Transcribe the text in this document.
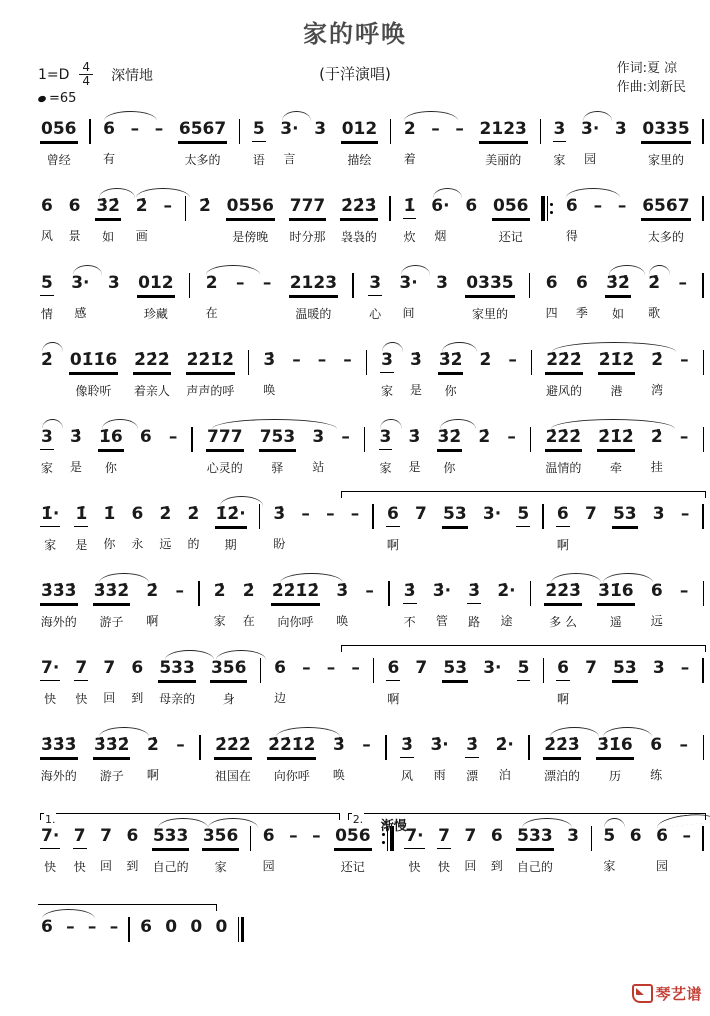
家的呼唤
$1=D \frac{4}{4}$ 深情地	(于洋演唱)	作词:夏 凉
作曲:刘新民
=65
056
曾经
6
有
–
–
6567
太多的
5
语
3·
言
3
012
描绘
2
着
–
–
2123
美丽的
3
家
3·
园
3
0335
家里的
6
风
6
景
3̇2̇
如
2̇
画
–
2̇
0556
是傍晚
777
时分那
2̇2̇3̇
袅袅的
1̇
炊
6·
烟
6
056
还记
6
得
–
–
6567
太多的
5
情
3·
感
3
012
珍藏
2
在
–
–
2123
温暖的
3
心
3·
间
3
0335
家里的
6
四
6
季
3̇2̇
如
2̇
歌
–

2̇
01̇1̇6
像聆听
2̇2̇2̇
着亲人
2̇2̇1̇2̇
声声的呼
3̇
唤
–
–
–
3
家
3̇
是
3̇2̇
你
2̇
–
2̇2̇2̇
避风的
2̇1̇2̇
港
2̇
湾
–

3
家
3̇
是
1̇6
你
6
–
777
心灵的
753
驿
3
站
–
3
家
3̇
是
3̇2̇
你
2̇
–
2̇2̇2̇
温情的
2̇1̇2̇
牵
2̇
挂
–

1̇·
家
1̇
是
1̇
你
6
永
2̇
远
2̇
的
1̇2̇·
期
3̇
盼
–
–
–
6
啊
7
53
3·
5
6
啊
7
53
3
–

3̇3̇3̇
海外的
3̇3̇2̇
游子
2̇
啊
–
2̇
家
2̇
在
2̇2̇1̇2̇
向你呼
3̇
唤
–
3̇
不
3̇·
管
3̇
路
2̇·
途
2̇2̇3̇
多 么
3̇1̇6
遥
6
远
–

7·
快
7
快
7
回
6
到
533
母亲的
356
身
6
边
–
–
–
6
啊
7
53
3·
5
6
啊
7
53
3
–

3̇3̇3̇
海外的
3̇3̇2̇
游子
2̇
啊
–
2̇2̇2̇
祖国在
2̇2̇1̇2̇
向你呼
3̇
唤
–
3̇
风
3̇·
雨
3̇
漂
2̇·
泊
2̇2̇3̇
漂泊的
3̇1̇6
历
6
练
–

1.	2. 渐慢
7·
快
7
快
7
回
6
到
533
自己的
356
家
6
园
–
–
056
还记
7·
快
7
快
7
回
6
到
533
自己的
3
5
家
6
6
园
–

6
–
–
–
6
0
0
0

琴艺谱
